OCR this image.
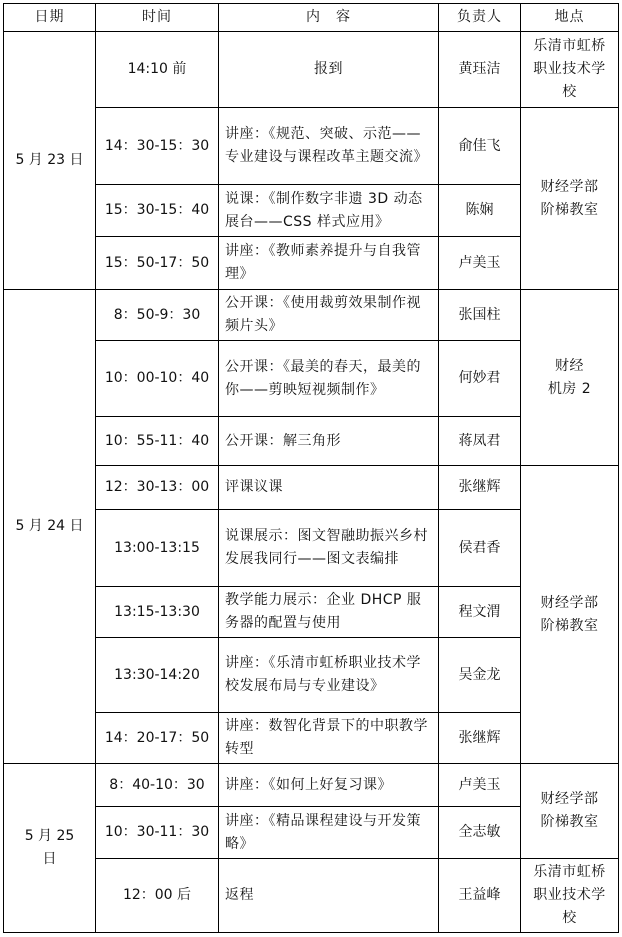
日期	时间	内　容	负责人	地点
5 月 23 日	14:10 前	报到	黄珏洁	乐清市虹桥
职业技术学
校

	14：30-15：30	讲座：《规范、突破、示范——专业建设与课程改革主题交流》	俞佳飞	财经学部
阶梯教室

	15：30-15：40	说课：《制作数字非遗 3D 动态展台——CSS 样式应用》	陈娴	
	15：50-17：50	讲座：《教师素养提升与自我管理》	卢美玉	
5 月 24 日	8：50-9：30	公开课：《使用裁剪效果制作视频片头》	张国柱	财经
机房 2

	10：00-10：40	公开课：《最美的春天，最美的你——剪映短视频制作》	何妙君	
	10：55-11：40	公开课：解三角形	蒋凤君	
	12：30-13：00	评课议课	张继辉	财经学部
阶梯教室

	13:00-13:15	说课展示：图文智融助振兴乡村发展我同行——图文表编排	侯君香	
	13:15-13:30	教学能力展示：企业 DHCP 服务器的配置与使用	程文渭	
	13:30-14:20	讲座：《乐清市虹桥职业技术学校发展布局与专业建设》	吴金龙	
	14：20-17：50	讲座：数智化背景下的中职教学转型	张继辉	

5 月 25
日	8：40-10：30	讲座：《如何上好复习课》	卢美玉	财经学部
阶梯教室

	10：30-11：30	讲座：《精品课程建设与开发策略》	全志敏	
	12：00 后	返程	王益峰	乐清市虹桥
职业技术学
校
